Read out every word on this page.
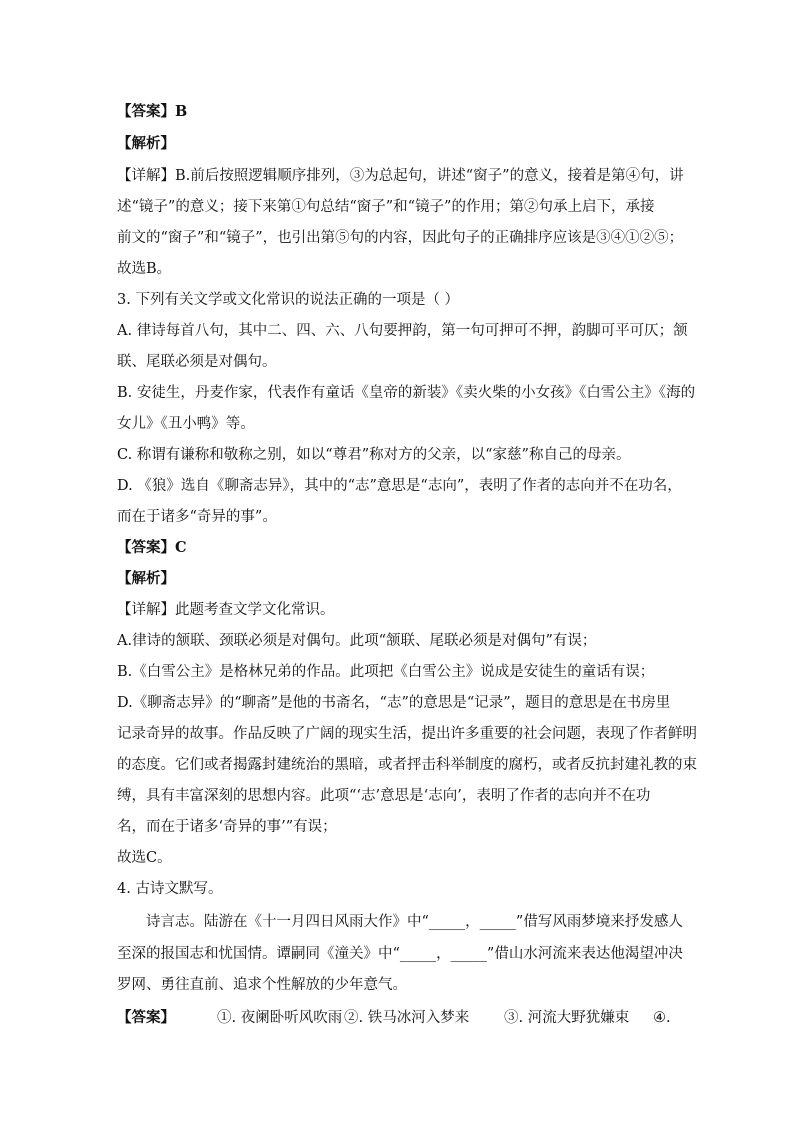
【答案】B
【解析】
【详解】B.前后按照逻辑顺序排列，③为总起句，讲述“窗子”的意义，接着是第④句，讲
述“镜子”的意义；接下来第①句总结“窗子”和“镜子”的作用；第②句承上启下，承接
前文的“窗子”和“镜子”，也引出第⑤句的内容，因此句子的正确排序应该是③④①②⑤；
故选B。
3. 下列有关文学或文化常识的说法正确的一项是（ ）
A. 律诗每首八句，其中二、四、六、八句要押韵，第一句可押可不押，韵脚可平可仄；颔
联、尾联必须是对偶句。
B. 安徒生，丹麦作家，代表作有童话《皇帝的新装》《卖火柴的小女孩》《白雪公主》《海的
女儿》《丑小鸭》等。
C. 称谓有谦称和敬称之别，如以“尊君”称对方的父亲，以“家慈”称自己的母亲。
D. 《狼》选自《聊斋志异》，其中的“志”意思是“志向”，表明了作者的志向并不在功名，
而在于诸多“奇异的事”。
【答案】C
【解析】
【详解】此题考查文学文化常识。
A.律诗的颔联、颈联必须是对偶句。此项“颔联、尾联必须是对偶句”有误；
B.《白雪公主》是格林兄弟的作品。此项把《白雪公主》说成是安徒生的童话有误；
D.《聊斋志异》的“聊斋”是他的书斋名，“志”的意思是“记录”，题目的意思是在书房里
记录奇异的故事。作品反映了广阔的现实生活，提出许多重要的社会问题，表现了作者鲜明
的态度。它们或者揭露封建统治的黑暗，或者抨击科举制度的腐朽，或者反抗封建礼教的束
缚，具有丰富深刻的思想内容。此项“‘志’意思是‘志向’，表明了作者的志向并不在功
名，而在于诸多‘奇异的事’”有误；
故选C。
4. 古诗文默写。
诗言志。陆游在《十一月四日风雨大作》中“_____，_____”借写风雨梦境来抒发感人
至深的报国志和忧国情。谭嗣同《潼关》中“_____，_____”借山水河流来表达他渴望冲决
罗网、勇往直前、追求个性解放的少年意气。
【答案】	①. 夜阑卧听风吹雨 ②. 铁马冰河入梦来 ③. 河流大野犹嫌束 ④.
